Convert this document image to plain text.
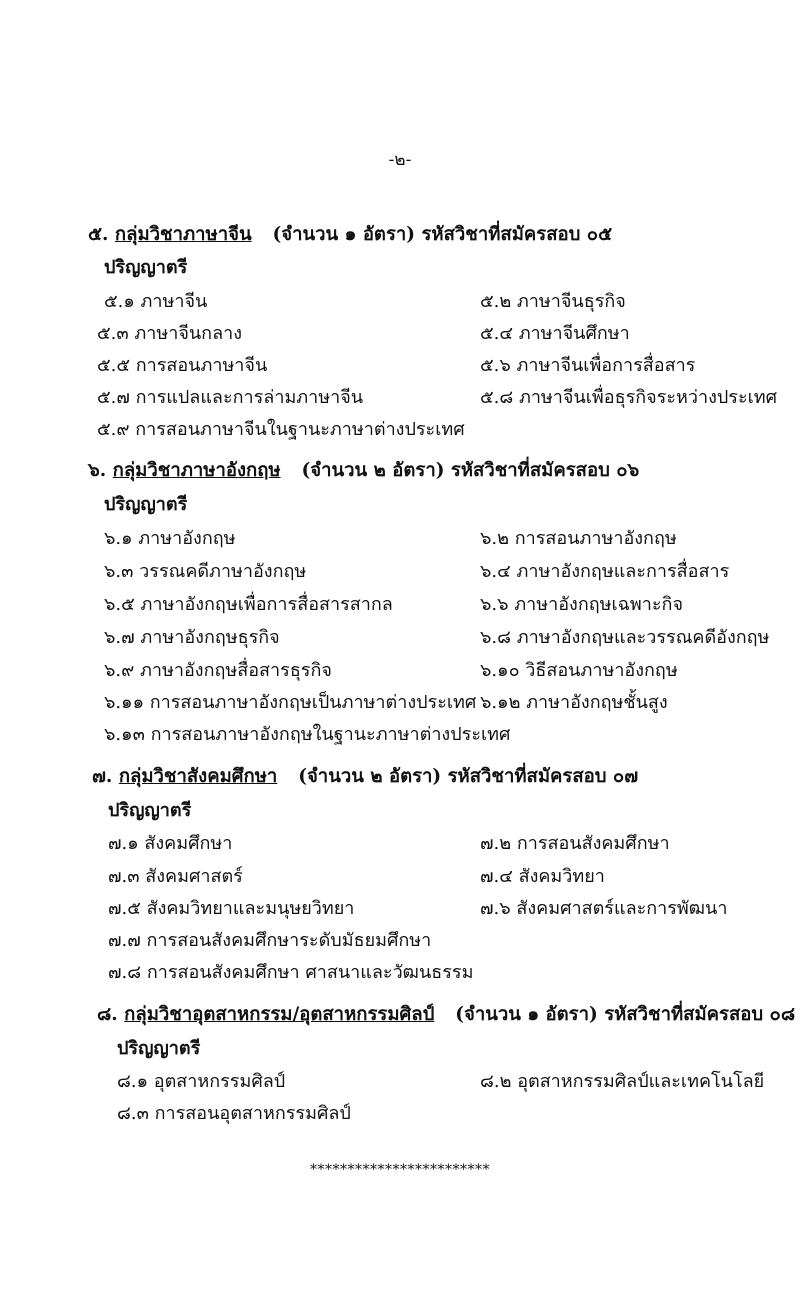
-๒-
๕. กลุ่มวิชาภาษาจีน (จำนวน ๑ อัตรา) รหัสวิชาที่สมัครสอบ ๐๕
ปริญญาตรี
๕.๑ ภาษาจีน	๕.๒ ภาษาจีนธุรกิจ
๕.๓ ภาษาจีนกลาง	๕.๔ ภาษาจีนศึกษา
๕.๕ การสอนภาษาจีน	๕.๖ ภาษาจีนเพื่อการสื่อสาร
๕.๗ การแปลและการล่ามภาษาจีน	๕.๘ ภาษาจีนเพื่อธุรกิจระหว่างประเทศ
๕.๙ การสอนภาษาจีนในฐานะภาษาต่างประเทศ
๖. กลุ่มวิชาภาษาอังกฤษ (จำนวน ๒ อัตรา) รหัสวิชาที่สมัครสอบ ๐๖
ปริญญาตรี
๖.๑ ภาษาอังกฤษ	๖.๒ การสอนภาษาอังกฤษ
๖.๓ วรรณคดีภาษาอังกฤษ	๖.๔ ภาษาอังกฤษและการสื่อสาร
๖.๕ ภาษาอังกฤษเพื่อการสื่อสารสากล	๖.๖ ภาษาอังกฤษเฉพาะกิจ
๖.๗ ภาษาอังกฤษธุรกิจ	๖.๘ ภาษาอังกฤษและวรรณคดีอังกฤษ
๖.๙ ภาษาอังกฤษสื่อสารธุรกิจ	๖.๑๐ วิธีสอนภาษาอังกฤษ
๖.๑๑ การสอนภาษาอังกฤษเป็นภาษาต่างประเทศ ๖.๑๒ ภาษาอังกฤษชั้นสูง
๖.๑๓ การสอนภาษาอังกฤษในฐานะภาษาต่างประเทศ
๗. กลุ่มวิชาสังคมศึกษา (จำนวน ๒ อัตรา) รหัสวิชาที่สมัครสอบ ๐๗
ปริญญาตรี
๗.๑ สังคมศึกษา	๗.๒ การสอนสังคมศึกษา
๗.๓ สังคมศาสตร์	๗.๔ สังคมวิทยา
๗.๕ สังคมวิทยาและมนุษยวิทยา	๗.๖ สังคมศาสตร์และการพัฒนา
๗.๗ การสอนสังคมศึกษาระดับมัธยมศึกษา
๗.๘ การสอนสังคมศึกษา ศาสนาและวัฒนธรรม
๘. กลุ่มวิชาอุตสาหกรรม/อุตสาหกรรมศิลป์ (จำนวน ๑ อัตรา) รหัสวิชาที่สมัครสอบ ๐๘
ปริญญาตรี
๘.๑ อุตสาหกรรมศิลป์	๘.๒ อุตสาหกรรมศิลป์และเทคโนโลยี
๘.๓ การสอนอุตสาหกรรมศิลป์
************************
